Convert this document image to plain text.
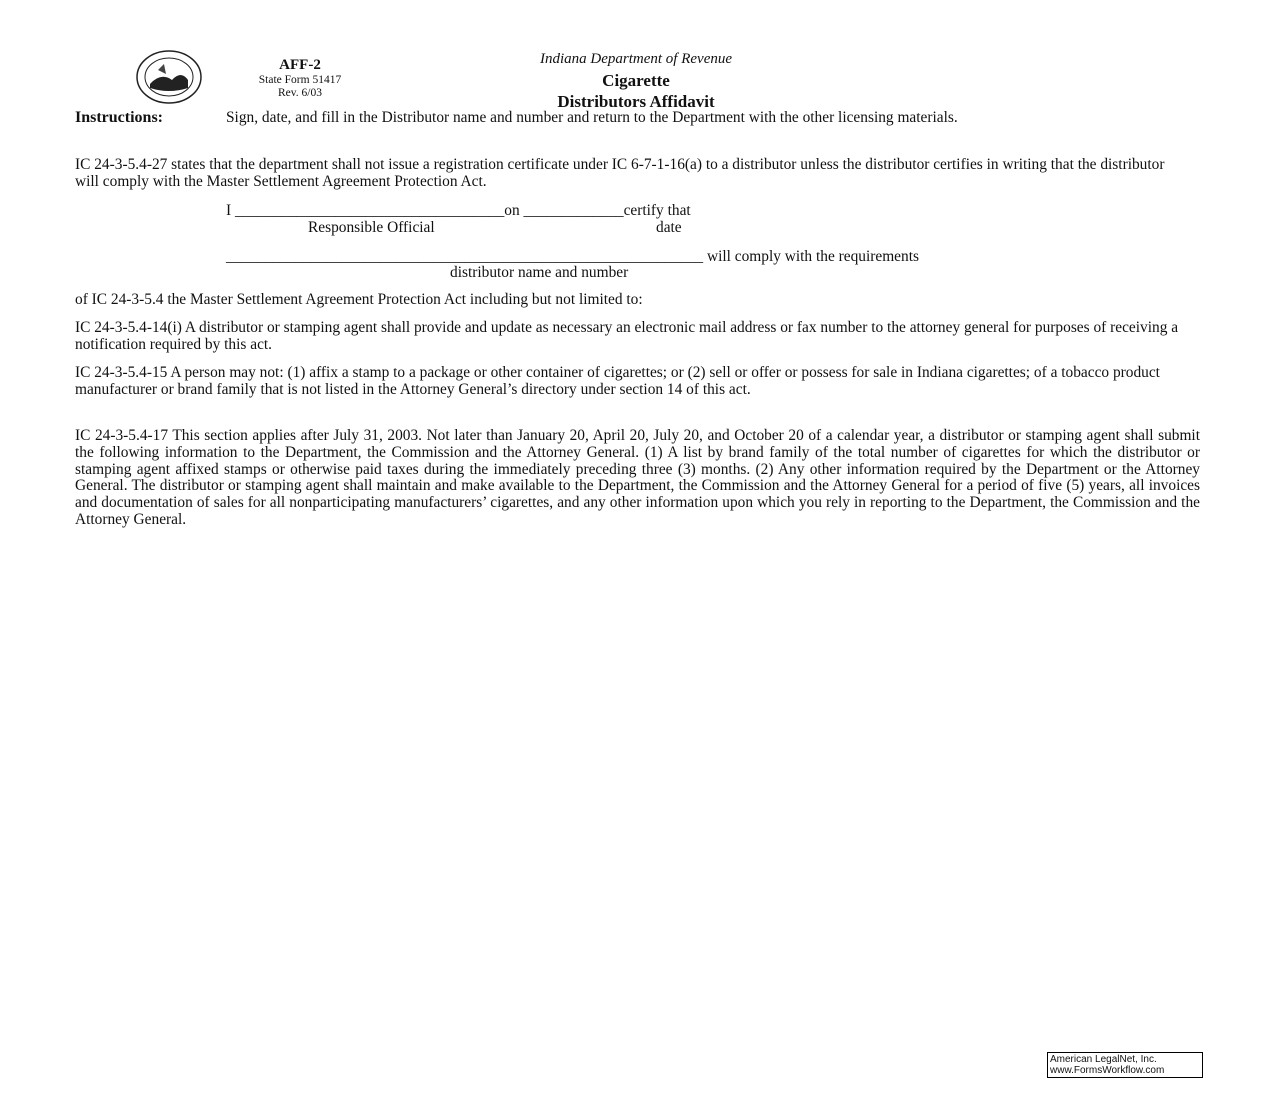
AFF-2
State Form 51417
Rev. 6/03
Indiana Department of Revenue
Cigarette
Distributors Affidavit
Instructions:	Sign, date, and fill in the Distributor name and number and return to the Department with the other licensing materials.
IC 24-3-5.4-27 states that the department shall not issue a registration certificate under IC 6-7-1-16(a) to a distributor unless the distributor certifies in writing that the distributor will comply with the Master Settlement Agreement Protection Act.
I ___________________________________on _____________certify that
Responsible Official	date
______________________________________________________________ will comply with the requirements
distributor name and number
of IC 24-3-5.4 the Master Settlement Agreement Protection Act including but not limited to:
IC 24-3-5.4-14(i) A distributor or stamping agent shall provide and update as necessary an electronic mail address or fax number to the attorney general for purposes of receiving a notification required by this act.
IC 24-3-5.4-15 A person may not: (1) affix a stamp to a package or other container of cigarettes; or (2) sell or offer or possess for sale in Indiana cigarettes; of a tobacco product manufacturer or brand family that is not listed in the Attorney General’s directory under section 14 of this act.
IC 24-3-5.4-17 This section applies after July 31, 2003. Not later than January 20, April 20, July 20, and October 20 of a calendar year, a distributor or stamping agent shall submit the following information to the Department, the Commission and the Attorney General. (1) A list by brand family of the total number of cigarettes for which the distributor or stamping agent affixed stamps or otherwise paid taxes during the immediately preceding three (3) months. (2) Any other information required by the Department or the Attorney General. The distributor or stamping agent shall maintain and make available to the Department, the Commission and the Attorney General for a period of five (5) years, all invoices and documentation of sales for all nonparticipating manufacturers’ cigarettes, and any other information upon which you rely in reporting to the Department, the Commission and the Attorney General.
American LegalNet, Inc.
www.FormsWorkflow.com
